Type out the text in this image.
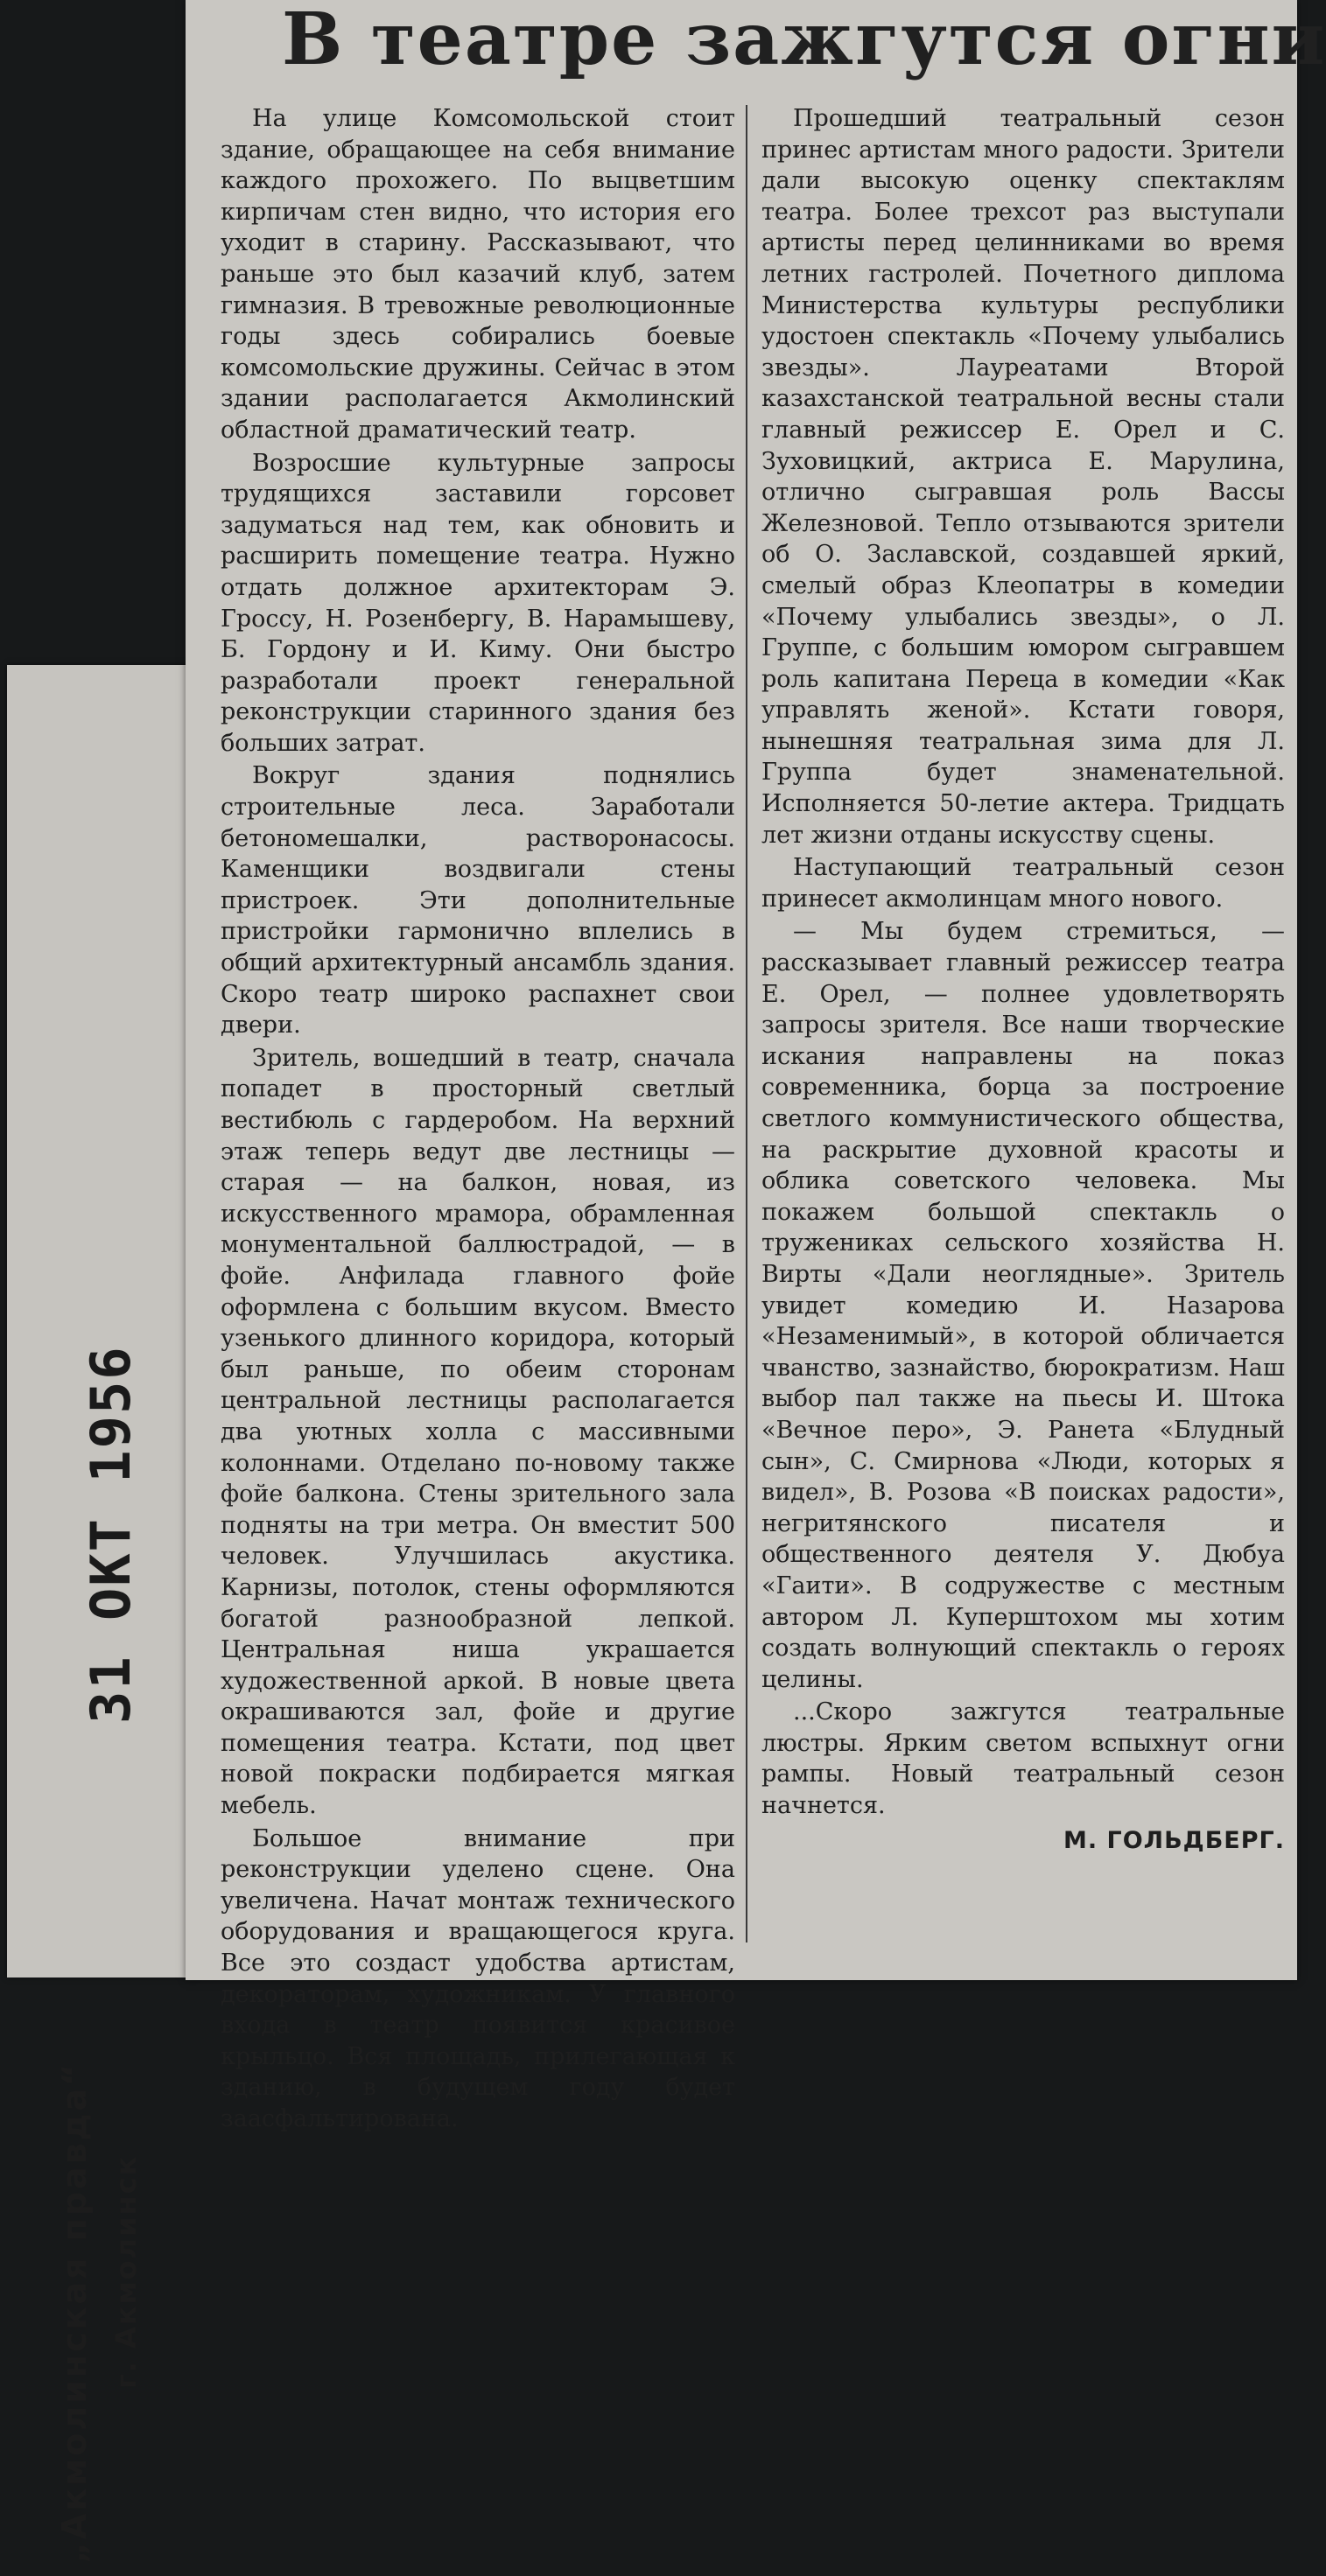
31 ОКТ 1956
„Акмолинская правда“ г. Акмолинск
В театре зажгутся огни

На улице Комсомольской стоит здание, обращающее на себя внимание каждого прохожего. По выцветшим кирпичам стен видно, что история его уходит в старину. Рассказывают, что раньше это был казачий клуб, затем гимназия. В тревожные революционные годы здесь собирались боевые комсомольские дружины. Сейчас в этом здании располагается Акмолинский областной драматический театр.

Возросшие культурные запросы трудящихся заставили горсовет задуматься над тем, как обновить и расширить помещение театра. Нужно отдать должное архитекторам Э. Гроссу, Н. Розенбергу, В. Нарамышеву, Б. Гордону и И. Киму. Они быстро разработали проект генеральной реконструкции старинного здания без больших затрат.

Вокруг здания поднялись строительные леса. Заработали бетономешалки, растворонасосы. Каменщики воздвигали стены пристроек. Эти дополнительные пристройки гармонично вплелись в общий архитектурный ансамбль здания. Скоро театр широко распахнет свои двери.

Зритель, вошедший в театр, сначала попадет в просторный светлый вестибюль с гардеробом. На верхний этаж теперь ведут две лестницы — старая — на балкон, новая, из искусственного мрамора, обрамленная монументальной баллюстрадой, — в фойе. Анфилада главного фойе оформлена с большим вкусом. Вместо узенького длинного коридора, который был раньше, по обеим сторонам центральной лестницы располагается два уютных холла с массивными колоннами. Отделано по-новому также фойе балкона. Стены зрительного зала подняты на три метра. Он вместит 500 человек. Улучшилась акустика. Карнизы, потолок, стены оформляются богатой разнообразной лепкой. Центральная ниша украшается художественной аркой. В новые цвета окрашиваются зал, фойе и другие помещения театра. Кстати, под цвет новой покраски подбирается мягкая мебель.

Большое внимание при реконструкции уделено сцене. Она увеличена. Начат монтаж технического оборудования и вращающегося круга. Все это создаст удобства артистам, декораторам, художникам. У главного входа в театр появится красивое крыльцо. Вся площадь, прилегающая к зданию, в будущем году будет заасфальтирована.

Прошедший театральный сезон принес артистам много радости. Зрители дали высокую оценку спектаклям театра. Более трехсот раз выступали артисты перед целинниками во время летних гастролей. Почетного диплома Министерства культуры республики удостоен спектакль «Почему улыбались звезды». Лауреатами Второй казахстанской театральной весны стали главный режиссер Е. Орел и С. Зуховицкий, актриса Е. Марулина, отлично сыгравшая роль Вассы Железновой. Тепло отзываются зрители об О. Заславской, создавшей яркий, смелый образ Клеопатры в комедии «Почему улыбались звезды», о Л. Группе, с большим юмором сыгравшем роль капитана Переца в комедии «Как управлять женой». Кстати говоря, нынешняя театральная зима для Л. Группа будет знаменательной. Исполняется 50-летие актера. Тридцать лет жизни отданы искусству сцены.

Наступающий театральный сезон принесет акмолинцам много нового.

— Мы будем стремиться, — рассказывает главный режиссер театра Е. Орел, — полнее удовлетворять запросы зрителя. Все наши творческие искания направлены на показ современника, борца за построение светлого коммунистического общества, на раскрытие духовной красоты и облика советского человека. Мы покажем большой спектакль о тружениках сельского хозяйства Н. Вирты «Дали неоглядные». Зритель увидет комедию И. Назарова «Незаменимый», в которой обличается чванство, зазнайство, бюрократизм. Наш выбор пал также на пьесы И. Штока «Вечное перо», Э. Ранета «Блудный сын», С. Смирнова «Люди, которых я видел», В. Розова «В поисках радости», негритянского писателя и общественного деятеля У. Дюбуа «Гаити». В содружестве с местным автором Л. Куперштохом мы хотим создать волнующий спектакль о героях целины.

...Скоро зажгутся театральные люстры. Ярким светом вспыхнут огни рампы. Новый театральный сезон начнется.

М. ГОЛЬДБЕРГ.
